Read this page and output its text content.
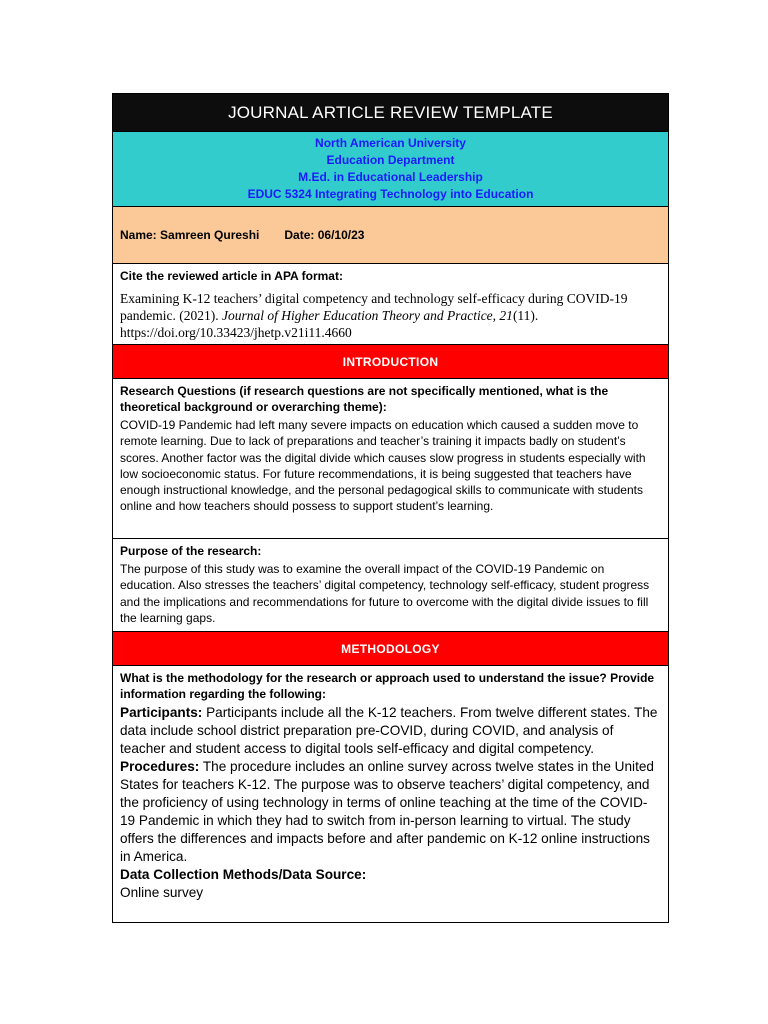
JOURNAL ARTICLE REVIEW TEMPLATE
North American University
Education Department
M.Ed. in Educational Leadership
EDUC 5324 Integrating Technology into Education
Name: Samreen Qureshi Date: 06/10/23
Cite the reviewed article in APA format:
Examining K-12 teachers’ digital competency and technology self-efficacy during COVID-19 pandemic. (2021). Journal of Higher Education Theory and Practice, 21(11). https://doi.org/10.33423/jhetp.v21i11.4660
INTRODUCTION
Research Questions (if research questions are not specifically mentioned, what is the theoretical background or overarching theme):
COVID-19 Pandemic had left many severe impacts on education which caused a sudden move to remote learning. Due to lack of preparations and teacher’s training it impacts badly on student’s scores. Another factor was the digital divide which causes slow progress in students especially with low socioeconomic status. For future recommendations, it is being suggested that teachers have enough instructional knowledge, and the personal pedagogical skills to communicate with students online and how teachers should possess to support student’s learning.
Purpose of the research:
The purpose of this study was to examine the overall impact of the COVID-19 Pandemic on education. Also stresses the teachers’ digital competency, technology self-efficacy, student progress and the implications and recommendations for future to overcome with the digital divide issues to fill the learning gaps.
METHODOLOGY
What is the methodology for the research or approach used to understand the issue? Provide information regarding the following:
Participants: Participants include all the K-12 teachers. From twelve different states. The data include school district preparation pre-COVID, during COVID, and analysis of teacher and student access to digital tools self-efficacy and digital competency.
Procedures: The procedure includes an online survey across twelve states in the United States for teachers K-12. The purpose was to observe teachers’ digital competency, and the proficiency of using technology in terms of online teaching at the time of the COVID-19 Pandemic in which they had to switch from in-person learning to virtual. The study offers the differences and impacts before and after pandemic on K-12 online instructions in America.
Data Collection Methods/Data Source:
Online survey
